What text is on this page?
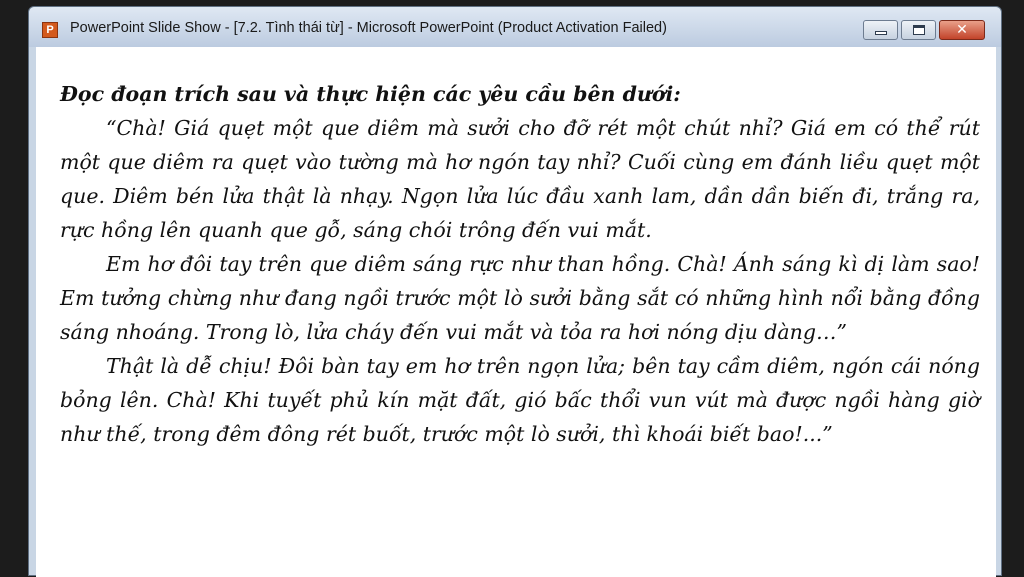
P PowerPoint Slide Show - [7.2. Tình thái từ] - Microsoft PowerPoint (Product Activation Failed)	✕

Đọc đoạn trích sau và thực hiện các yêu cầu bên dưới:

“Chà! Giá quẹt một que diêm mà sưởi cho đỡ rét một chút nhỉ? Giá em có thể rút một que diêm ra quẹt vào tường mà hơ ngón tay nhỉ? Cuối cùng em đánh liều quẹt một que. Diêm bén lửa thật là nhạy. Ngọn lửa lúc đầu xanh lam, dần dần biến đi, trắng ra, rực hồng lên quanh que gỗ, sáng chói trông đến vui mắt.

Em hơ đôi tay trên que diêm sáng rực như than hồng. Chà! Ánh sáng kì dị làm sao! Em tưởng chừng như đang ngồi trước một lò sưởi bằng sắt có những hình nổi bằng đồng sáng nhoáng. Trong lò, lửa cháy đến vui mắt và tỏa ra hơi nóng dịu dàng…”

Thật là dễ chịu! Đôi bàn tay em hơ trên ngọn lửa; bên tay cầm diêm, ngón cái nóng bỏng lên. Chà! Khi tuyết phủ kín mặt đất, gió bấc thổi vun vút mà được ngồi hàng giờ như thế, trong đêm đông rét buốt, trước một lò sưởi, thì khoái biết bao!...”
